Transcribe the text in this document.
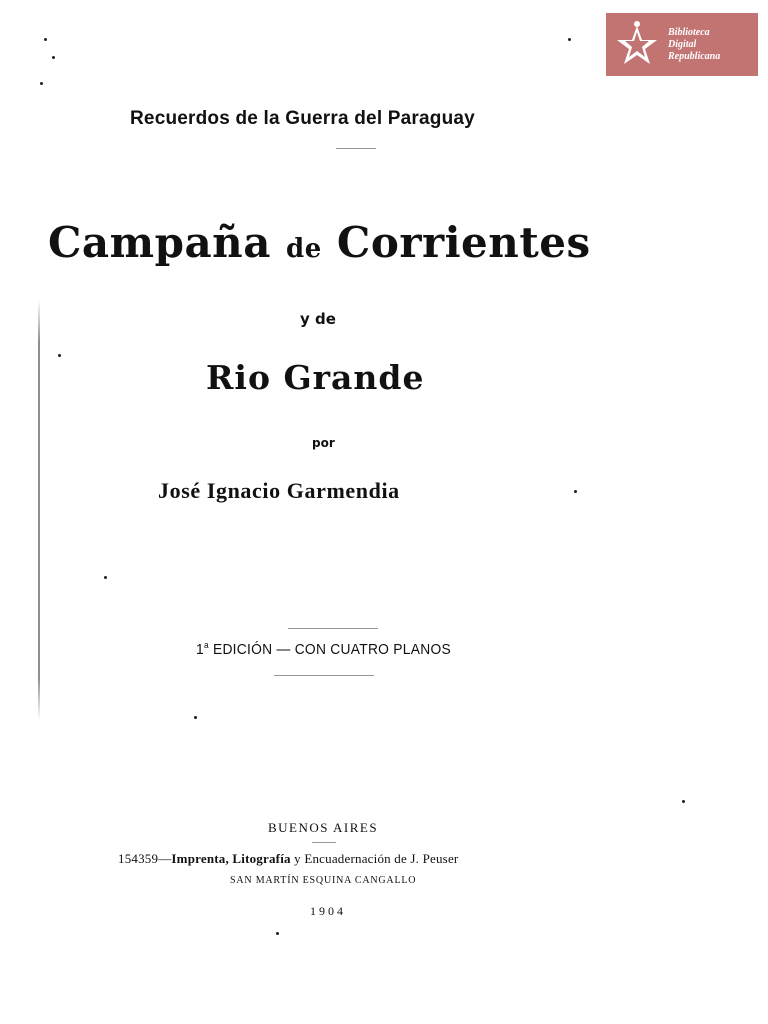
Biblioteca
Digital
Republicana
Recuerdos de la Guerra del Paraguay
Campaña de Corrientes
y de
Rio Grande
por
José Ignacio Garmendia
1$^a$ EDICIÓN — CON CUATRO PLANOS
BUENOS AIRES
154359—Imprenta, Litografía y Encuadernación de J. Peuser
SAN MARTÍN ESQUINA CANGALLO
1904
